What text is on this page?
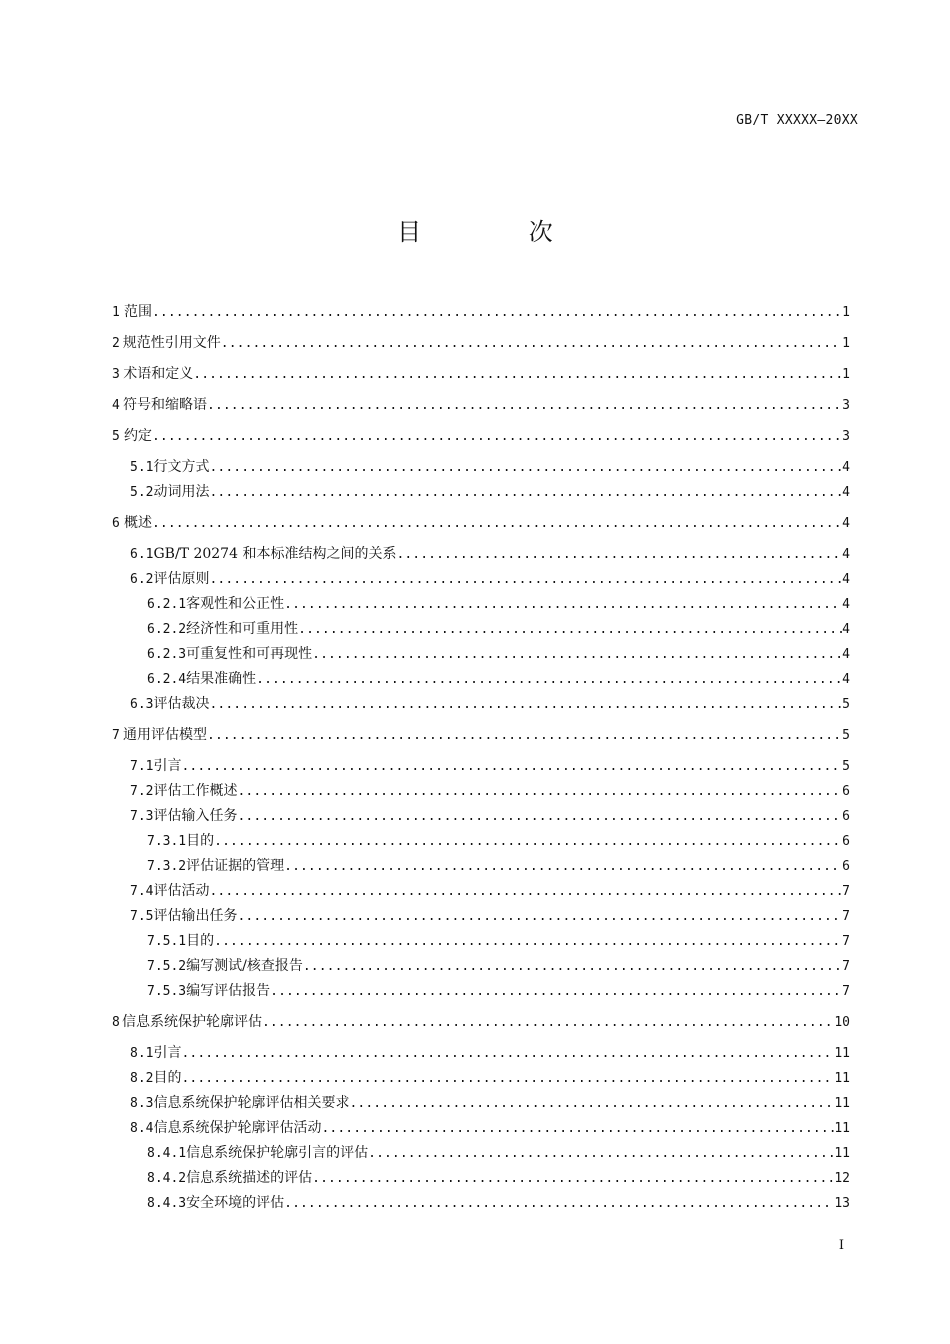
GB/T XXXXX—20XX
目 次
1 范围 .....	1
2 规范性引用文件 .....	1
3 术语和定义 .....	1
4 符号和缩略语 .....	3
5 约定 .....	3
5.1 行文方式 .....	4
5.2 动词用法 .....	4
6 概述 .....	4
6.1 GB/T 20274 和本标准结构之间的关系 .....	4
6.2 评估原则 .....	4
6.2.1 客观性和公正性 .....	4
6.2.2 经济性和可重用性 .....	4
6.2.3 可重复性和可再现性 .....	4
6.2.4 结果准确性 .....	4
6.3 评估裁决 .....	5
7 通用评估模型 .....	5
7.1 引言 .....	5
7.2 评估工作概述 .....	6
7.3 评估输入任务 .....	6
7.3.1 目的 .....	6
7.3.2 评估证据的管理 .....	6
7.4 评估活动 .....	7
7.5 评估输出任务 .....	7
7.5.1 目的 .....	7
7.5.2 编写测试/核查报告 .....	7
7.5.3 编写评估报告 .....	7
8 信息系统保护轮廓评估 .....	10
8.1 引言 .....	11
8.2 目的 .....	11
8.3 信息系统保护轮廓评估相关要求 .....	11
8.4 信息系统保护轮廓评估活动 .....	11
8.4.1 信息系统保护轮廓引言的评估 .....	11
8.4.2 信息系统描述的评估 .....	12
8.4.3 安全环境的评估 .....	13
I
